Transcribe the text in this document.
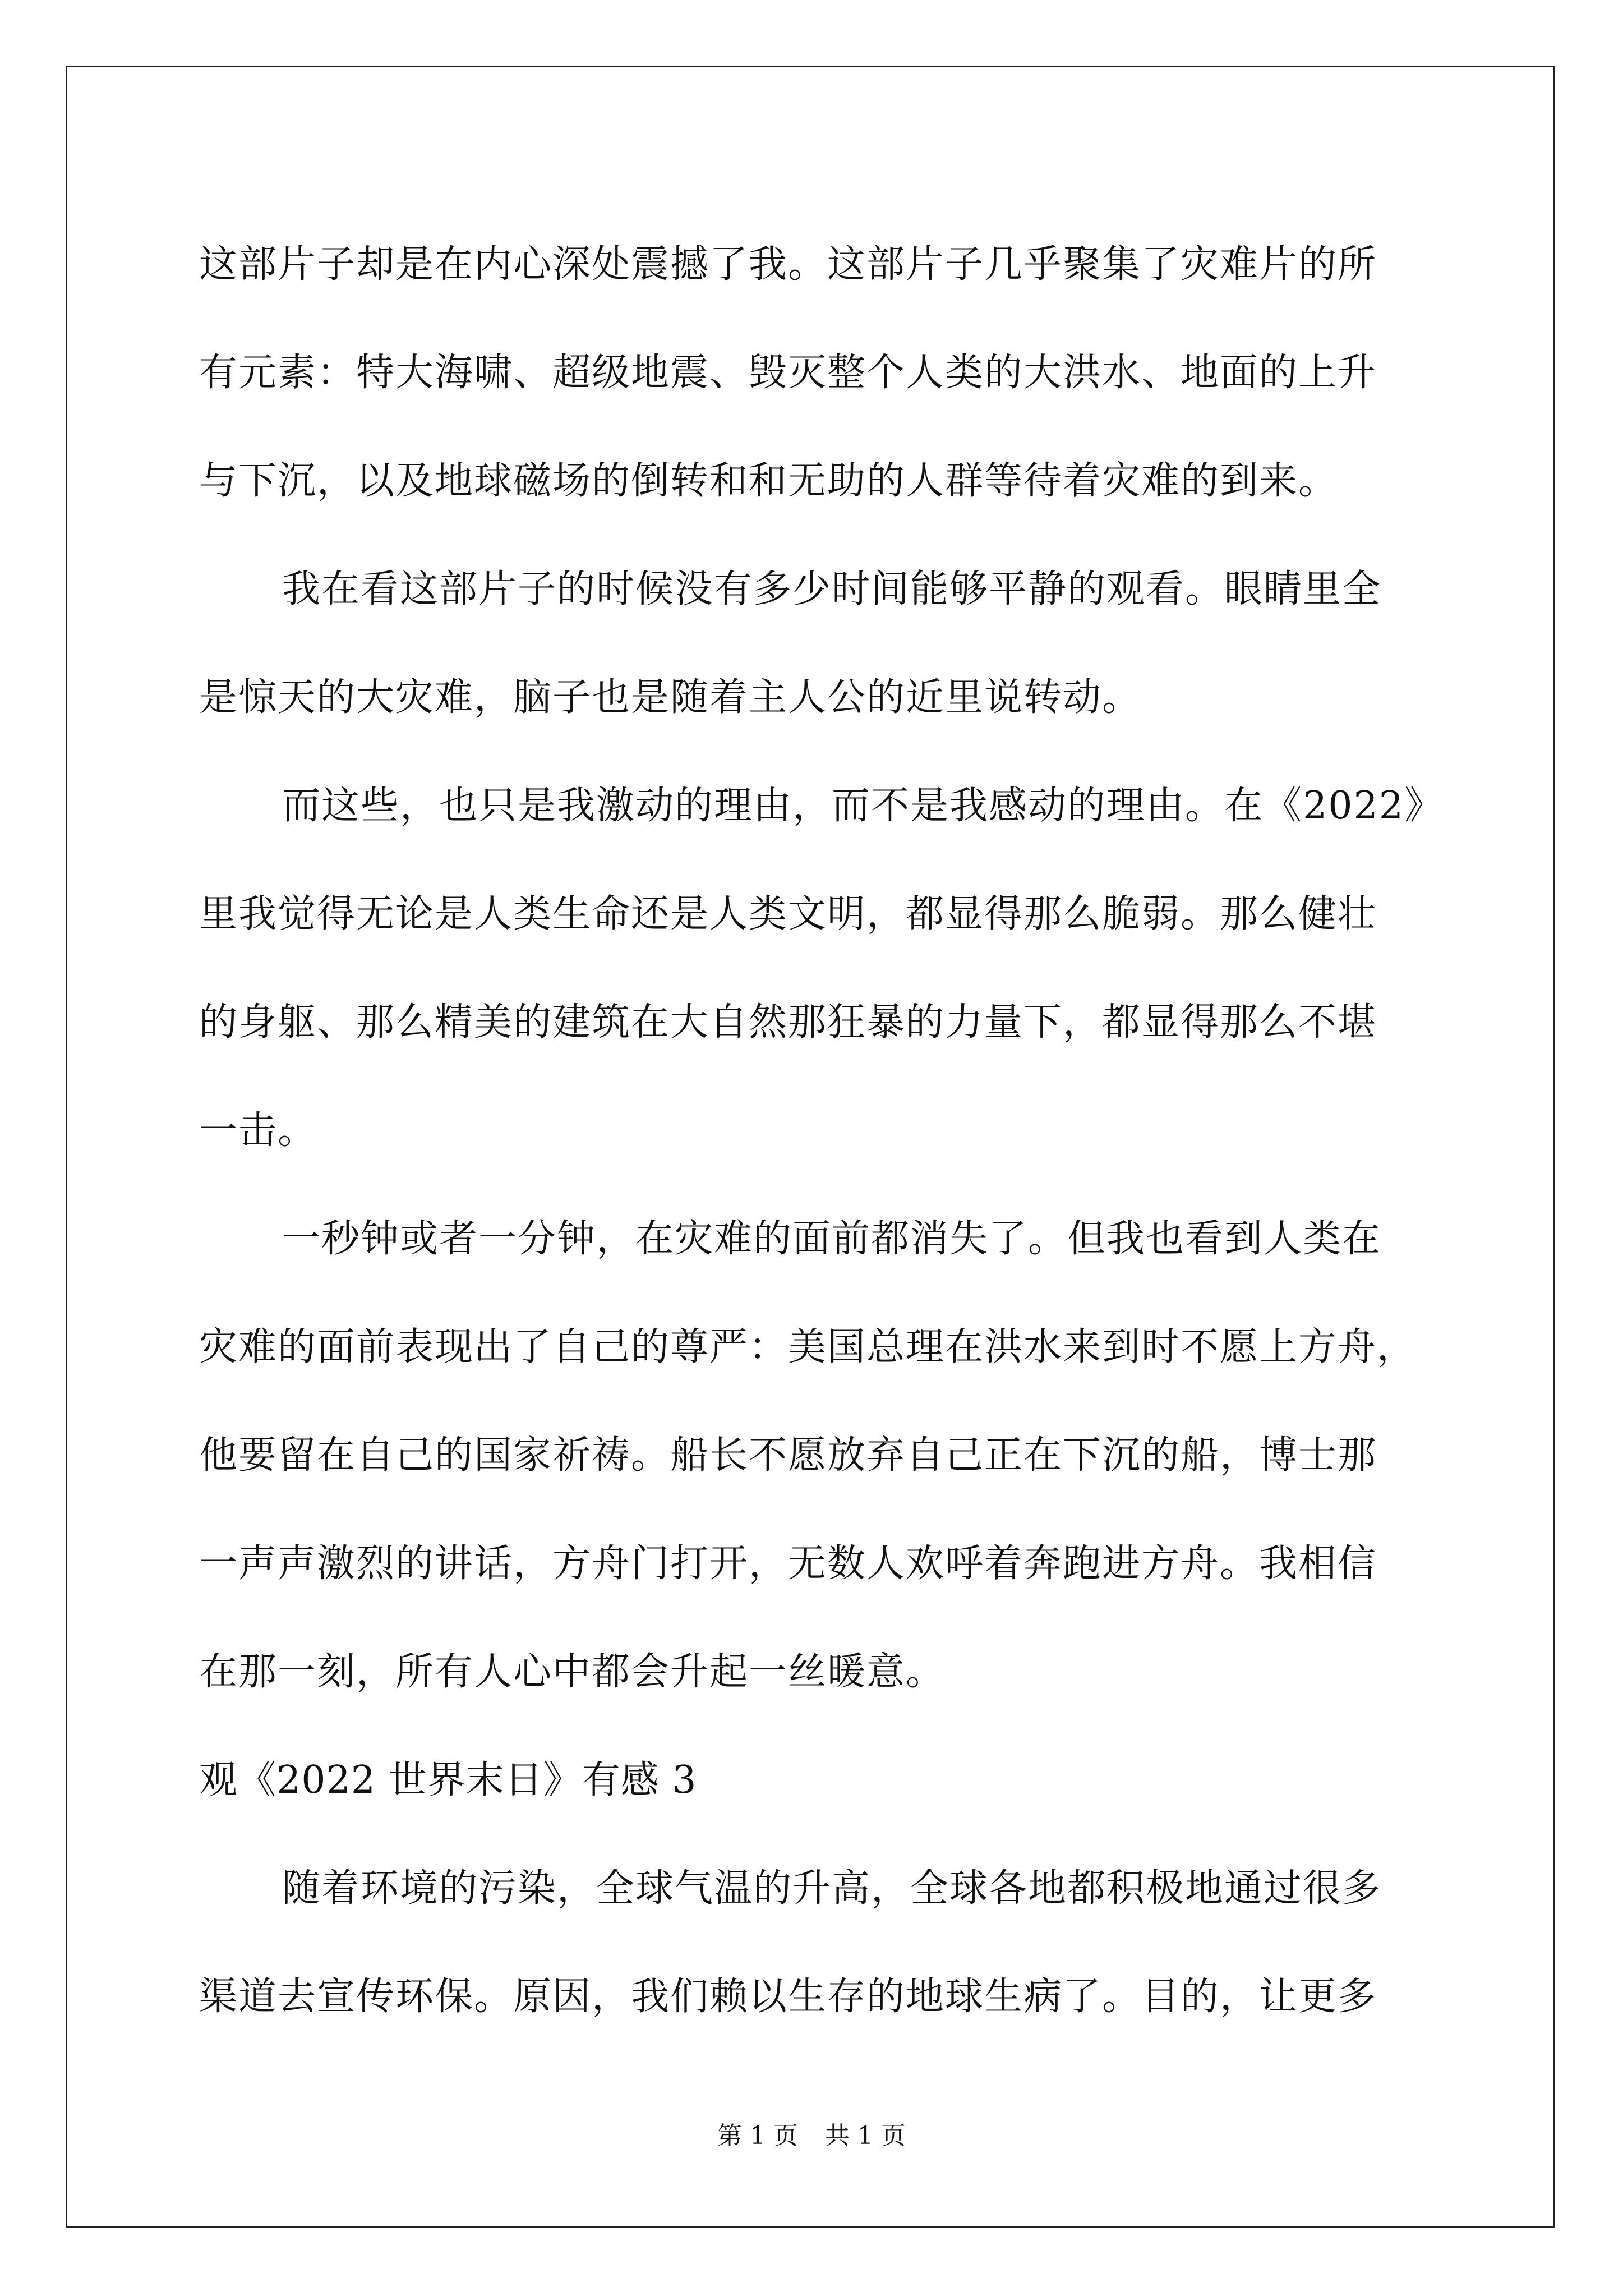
这部片子却是在内心深处震撼了我。这部片子几乎聚集了灾难片的所
有元素：特大海啸、超级地震、毁灭整个人类的大洪水、地面的上升
与下沉，以及地球磁场的倒转和和无助的人群等待着灾难的到来。
我在看这部片子的时候没有多少时间能够平静的观看。眼睛里全
是惊天的大灾难，脑子也是随着主人公的近里说转动。
而这些，也只是我激动的理由，而不是我感动的理由。在《2022》
里我觉得无论是人类生命还是人类文明，都显得那么脆弱。那么健壮
的身躯、那么精美的建筑在大自然那狂暴的力量下，都显得那么不堪
一击。
一秒钟或者一分钟，在灾难的面前都消失了。但我也看到人类在
灾难的面前表现出了自己的尊严：美国总理在洪水来到时不愿上方舟，
他要留在自己的国家祈祷。船长不愿放弃自己正在下沉的船，博士那
一声声激烈的讲话，方舟门打开，无数人欢呼着奔跑进方舟。我相信
在那一刻，所有人心中都会升起一丝暖意。
观《2022 世界末日》有感 3
随着环境的污染，全球气温的升高，全球各地都积极地通过很多
渠道去宣传环保。原因，我们赖以生存的地球生病了。目的，让更多
第 1 页 共 1 页
